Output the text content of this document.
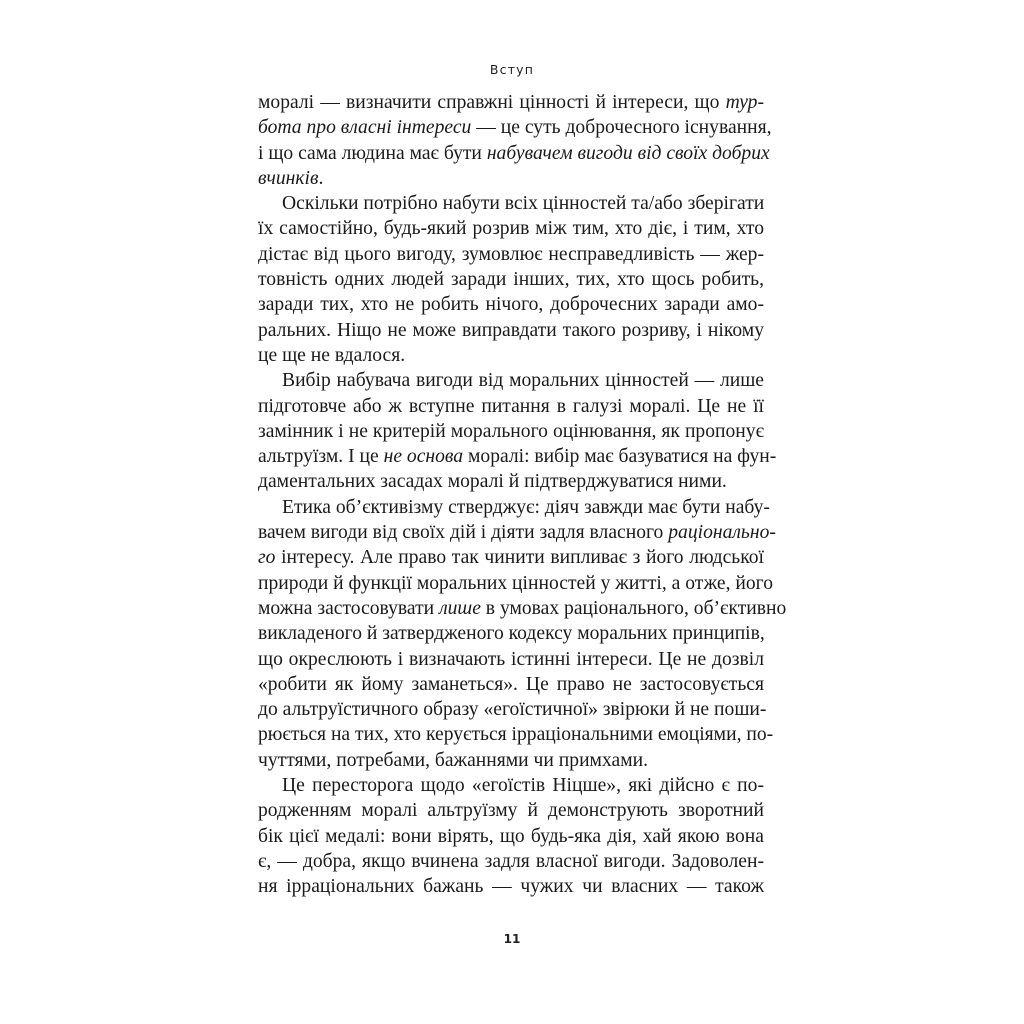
Вступ
моралі — визначити справжні цінності й інтереси, що тур-
бота про власні інтереси — це суть доброчесного існування,
і що сама людина має бути набувачем вигоди від своїх добрих
вчинків.
Оскільки потрібно набути всіх цінностей та/або зберігати
їх самостійно, будь-який розрив між тим, хто діє, і тим, хто
дістає від цього вигоду, зумовлює несправедливість — жер-
товність одних людей заради інших, тих, хто щось робить,
заради тих, хто не робить нічого, доброчесних заради амо-
ральних. Ніщо не може виправдати такого розриву, і нікому
це ще не вдалося.
Вибір набувача вигоди від моральних цінностей — лише
підготовче або ж вступне питання в галузі моралі. Це не її
замінник і не критерій морального оцінювання, як пропонує
альтруїзм. І це не основа моралі: вибір має базуватися на фун-
даментальних засадах моралі й підтверджуватися ними.
Етика об’єктивізму стверджує: діяч завжди має бути набу-
вачем вигоди від своїх дій і діяти задля власного раціонально-
го інтересу. Але право так чинити випливає з його людської
природи й функції моральних цінностей у житті, а отже, його
можна застосовувати лише в умовах раціонального, об’єктивно
викладеного й затвердженого кодексу моральних принципів,
що окреслюють і визначають істинні інтереси. Це не дозвіл
«робити як йому заманеться». Це право не застосовується
до альтруїстичного образу «егоїстичної» звірюки й не поши-
рюється на тих, хто керується ірраціональними емоціями, по-
чуттями, потребами, бажаннями чи примхами.
Це пересторога щодо «егоїстів Ніцше», які дійсно є по-
родженням моралі альтруїзму й демонструють зворотний
бік цієї медалі: вони вірять, що будь-яка дія, хай якою вона
є, — добра, якщо вчинена задля власної вигоди. Задоволен-
ня ірраціональних бажань — чужих чи власних — також
11
